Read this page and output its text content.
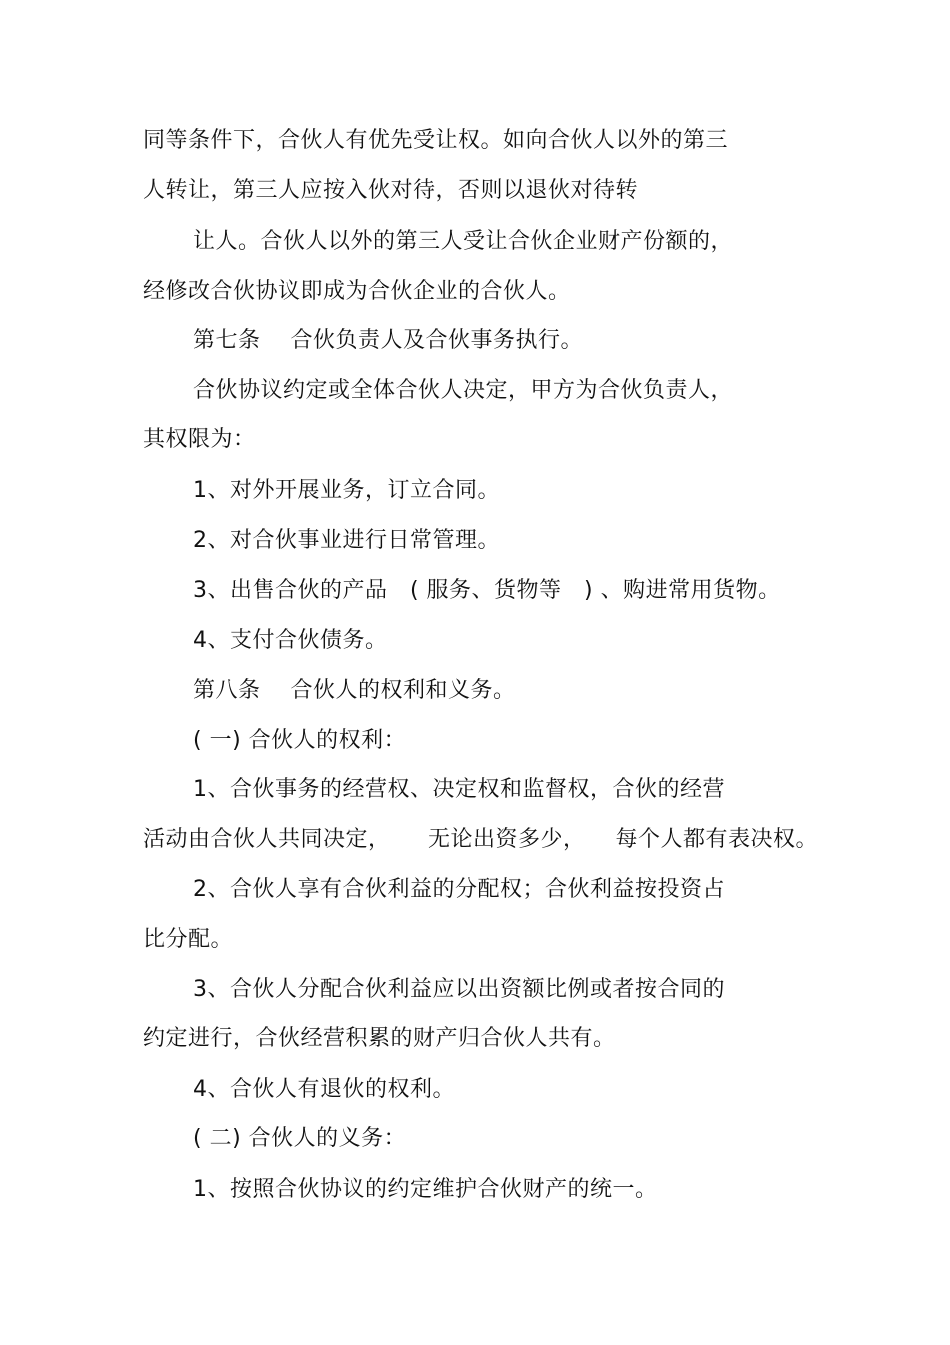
同等条件下，合伙人有优先受让权。如向合伙人以外的第三
人转让，第三人应按入伙对待，否则以退伙对待转
让人。合伙人以外的第三人受让合伙企业财产份额的，
经修改合伙协议即成为合伙企业的合伙人。
第七条    合伙负责人及合伙事务执行。
合伙协议约定或全体合伙人决定，甲方为合伙负责人，
其权限为：
1、对外开展业务，订立合同。
2、对合伙事业进行日常管理。
3、出售合伙的产品   ( 服务、货物等   ) 、购进常用货物。
4、支付合伙债务。
第八条    合伙人的权利和义务。
( 一) 合伙人的权利：
1、合伙事务的经营权、决定权和监督权，合伙的经营
活动由合伙人共同决定，     无论出资多少，    每个人都有表决权。
2、合伙人享有合伙利益的分配权；合伙利益按投资占
比分配。
3、合伙人分配合伙利益应以出资额比例或者按合同的
约定进行，合伙经营积累的财产归合伙人共有。
4、合伙人有退伙的权利。
( 二) 合伙人的义务：
1、按照合伙协议的约定维护合伙财产的统一。
